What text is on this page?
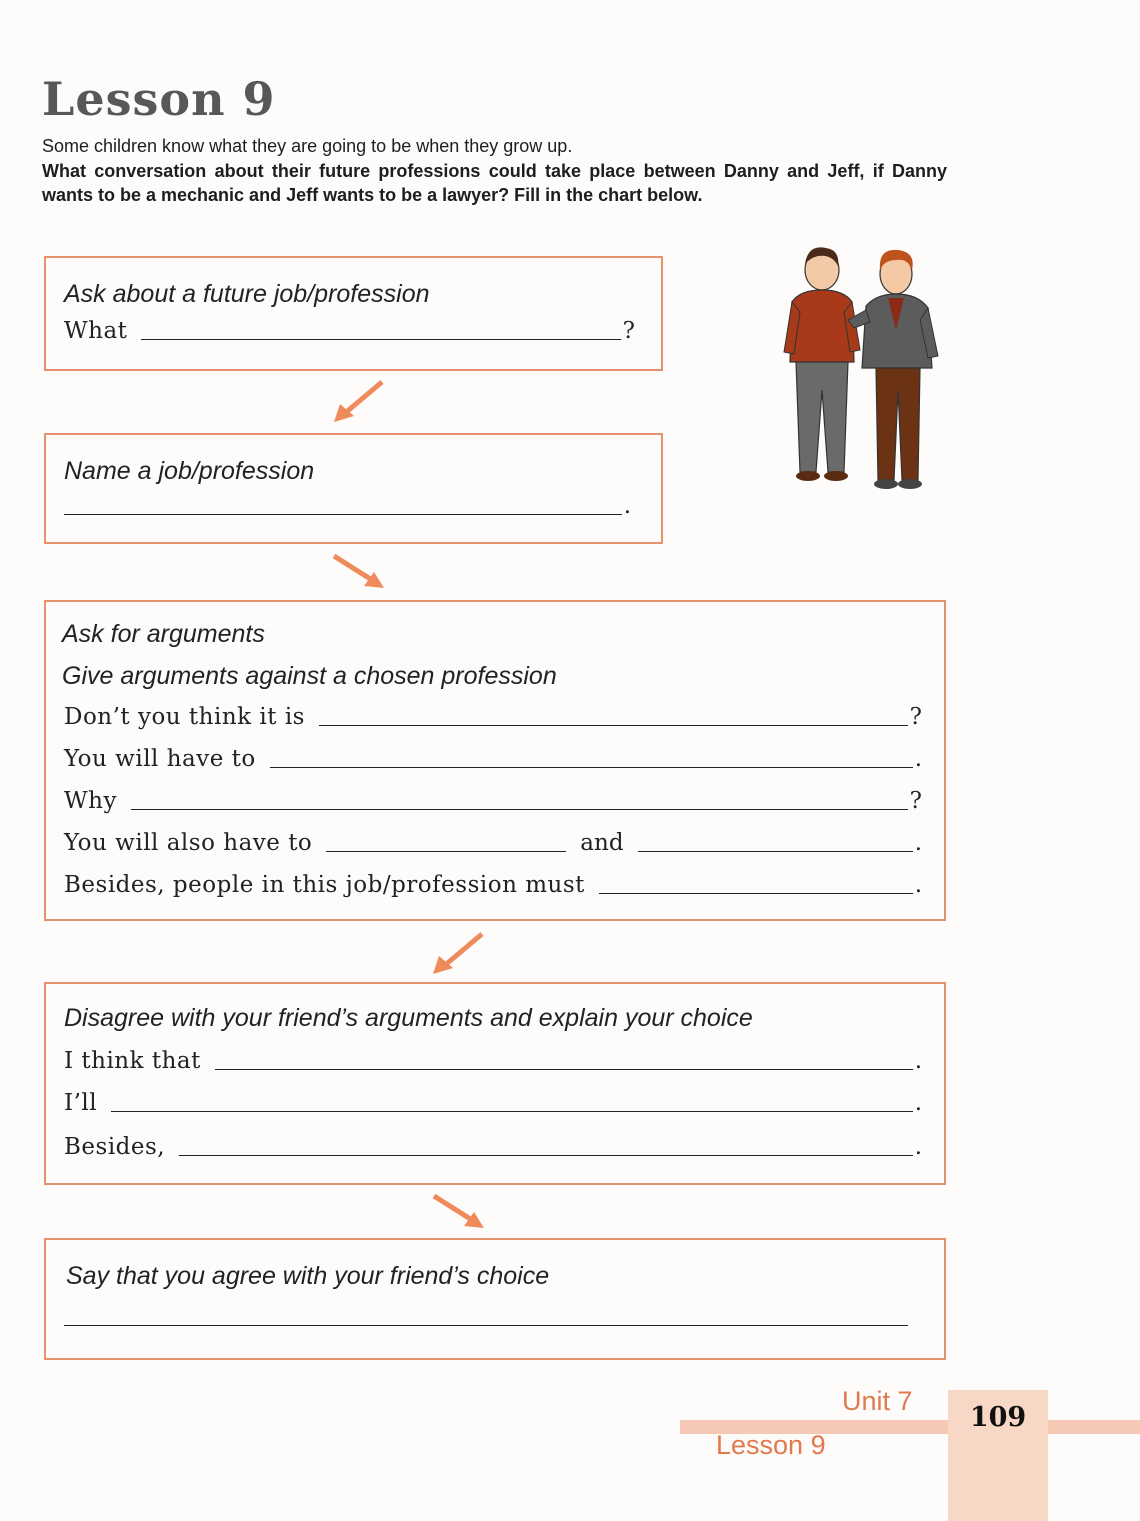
Lesson 9
Some children know what they are going to be when they grow up.
What conversation about their future professions could take place between Danny and Jeff, if Danny wants to be a mechanic and Jeff wants to be a lawyer? Fill in the chart below.
Ask about a future job/profession
What	?
Name a job/profession
.
Ask for arguments
Give arguments against a chosen profession
Don’t you think it is	?
You will have to	.
Why	?
You will also have to	and	.
Besides, people in this job/profession must	.
Disagree with your friend’s arguments and explain your choice
I think that	.
I’ll	.
Besides,	.
Say that you agree with your friend’s choice
Unit 7
Lesson 9
109
